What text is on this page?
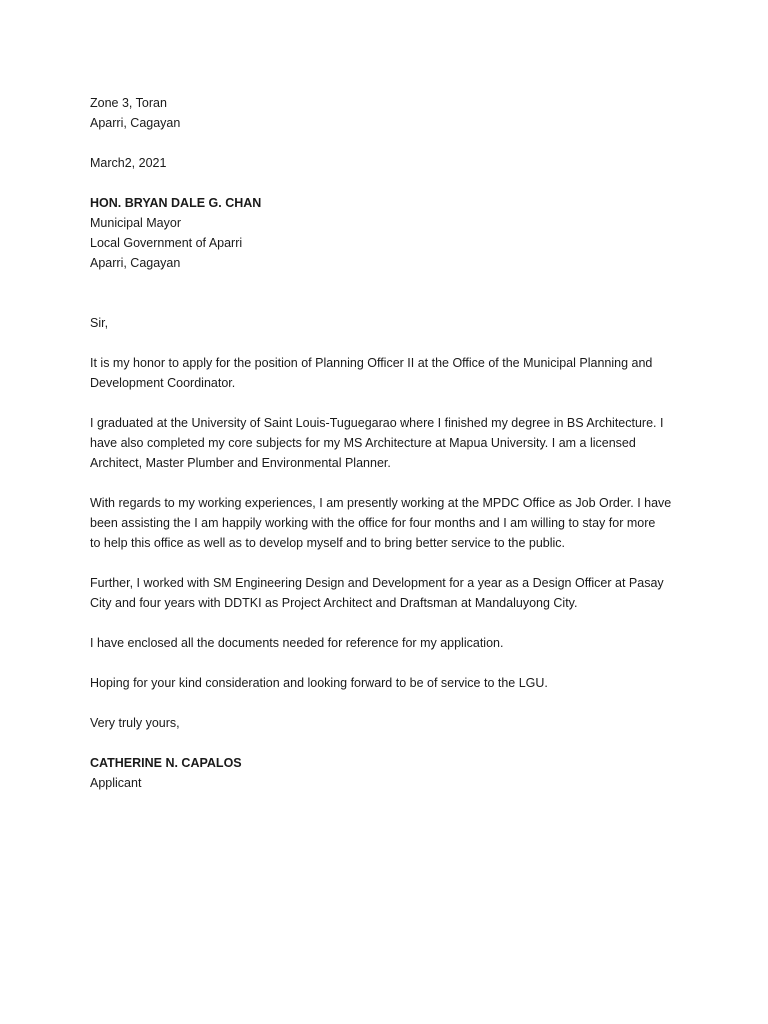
Zone 3, Toran
Aparri, Cagayan
March2, 2021
HON. BRYAN DALE G. CHAN
Municipal Mayor
Local Government of Aparri
Aparri, Cagayan
Sir,
It is my honor to apply for the position of Planning Officer II at the Office of the Municipal Planning and
Development Coordinator.
I graduated at the University of Saint Louis-Tuguegarao where I finished my degree in BS Architecture. I
have also completed my core subjects for my MS Architecture at Mapua University. I am a licensed
Architect, Master Plumber and Environmental Planner.
With regards to my working experiences, I am presently working at the MPDC Office as Job Order. I have
been assisting the I am happily working with the office for four months and I am willing to stay for more
to help this office as well as to develop myself and to bring better service to the public.
Further, I worked with SM Engineering Design and Development for a year as a Design Officer at Pasay
City and four years with DDTKI as Project Architect and Draftsman at Mandaluyong City.
I have enclosed all the documents needed for reference for my application.
Hoping for your kind consideration and looking forward to be of service to the LGU.
Very truly yours,
CATHERINE N. CAPALOS
Applicant
